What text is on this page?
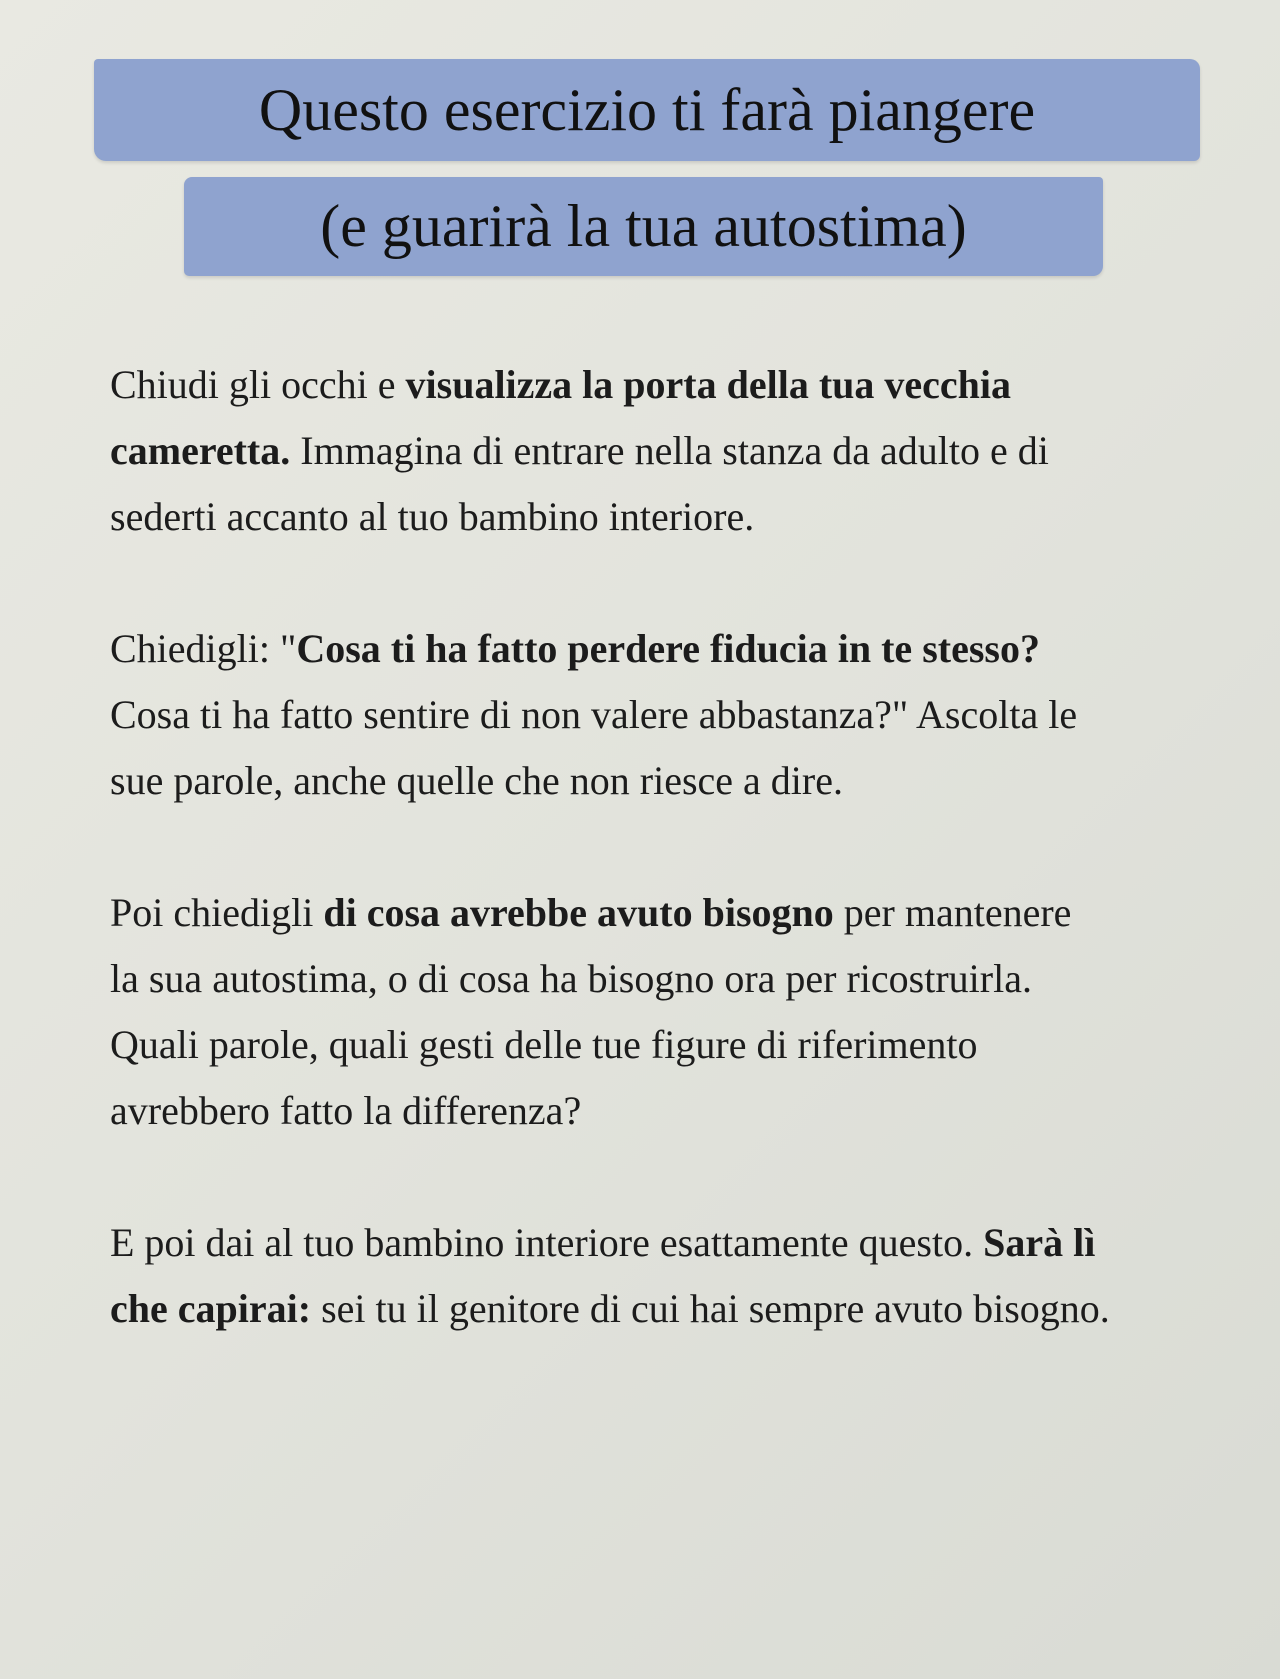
Questo esercizio ti farà piangere
(e guarirà la tua autostima)

Chiudi gli occhi e visualizza la porta della tua vecchia cameretta. Immagina di entrare nella stanza da adulto e di sederti accanto al tuo bambino interiore.

Chiedigli: "Cosa ti ha fatto perdere fiducia in te stesso? Cosa ti ha fatto sentire di non valere abbastanza?" Ascolta le sue parole, anche quelle che non riesce a dire.

Poi chiedigli di cosa avrebbe avuto bisogno per mantenere la sua autostima, o di cosa ha bisogno ora per ricostruirla. Quali parole, quali gesti delle tue figure di riferimento avrebbero fatto la differenza?

E poi dai al tuo bambino interiore esattamente questo. Sarà lì che capirai: sei tu il genitore di cui hai sempre avuto bisogno.
